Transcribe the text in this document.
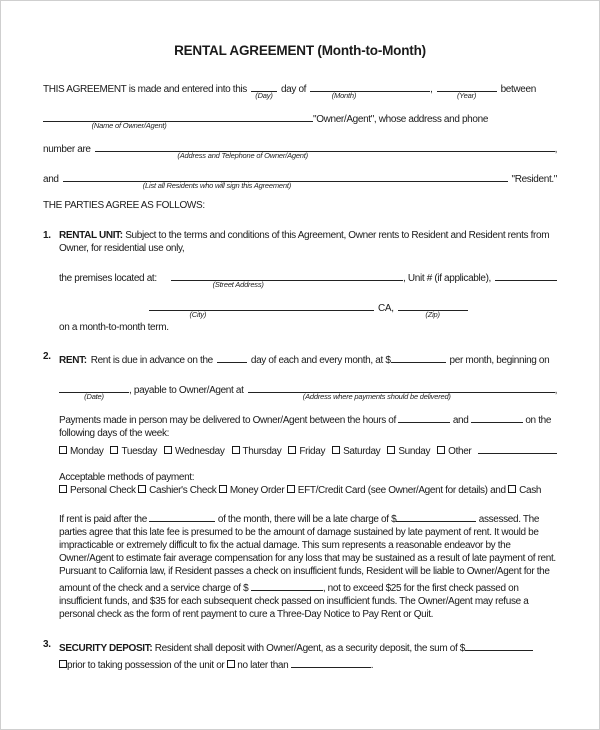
RENTAL AGREEMENT (Month-to-Month)
THIS AGREEMENT is made and entered into this
(Day)
day of
(Month)
,
(Year)
between
(Name of Owner/Agent)
"Owner/Agent", whose address and phone
number are
(Address and Telephone of Owner/Agent)
,
and
(List all Residents who will sign this Agreement)
"Resident."
THE PARTIES AGREE AS FOLLOWS:
1. RENTAL UNIT: Subject to the terms and conditions of this Agreement, Owner rents to Resident and Resident rents from Owner, for residential use only,
the premises located at:
(Street Address)
, Unit # (if applicable),
(City)
CA,
(Zip)
on a month-to-month term.
2. RENT: Rent is due in advance on the	day of each and every month, at $	per month, beginning on
(Date)
, payable to Owner/Agent at
(Address where payments should be delivered)
,
Payments made in person may be delivered to Owner/Agent between the hours of	and	on the following days of the week:
Monday	Tuesday	Wednesday	Thursday	Friday	Saturday	Sunday	Other
Acceptable methods of payment:
Personal Check Cashier's Check Money Order EFT/Credit Card (see Owner/Agent for details) and Cash
If rent is paid after the	of the month, there will be a late charge of $	assessed. The parties agree that this late fee is presumed to be the amount of damage sustained by late payment of rent. It would be impracticable or extremely difficult to fix the actual damage. This sum represents a reasonable endeavor by the Owner/Agent to estimate fair average compensation for any loss that may be sustained as a result of late payment of rent. Pursuant to California law, if Resident passes a check on insufficient funds, Resident will be liable to Owner/Agent for the amount of the check and a service charge of $	, not to exceed $25 for the first check passed on insufficient funds, and $35 for each subsequent check passed on insufficient funds. The Owner/Agent may refuse a personal check as the form of rent payment to cure a Three-Day Notice to Pay Rent or Quit.
3. SECURITY DEPOSIT: Resident shall deposit with Owner/Agent, as a security deposit, the sum of $
prior to taking possession of the unit or no later than	.
